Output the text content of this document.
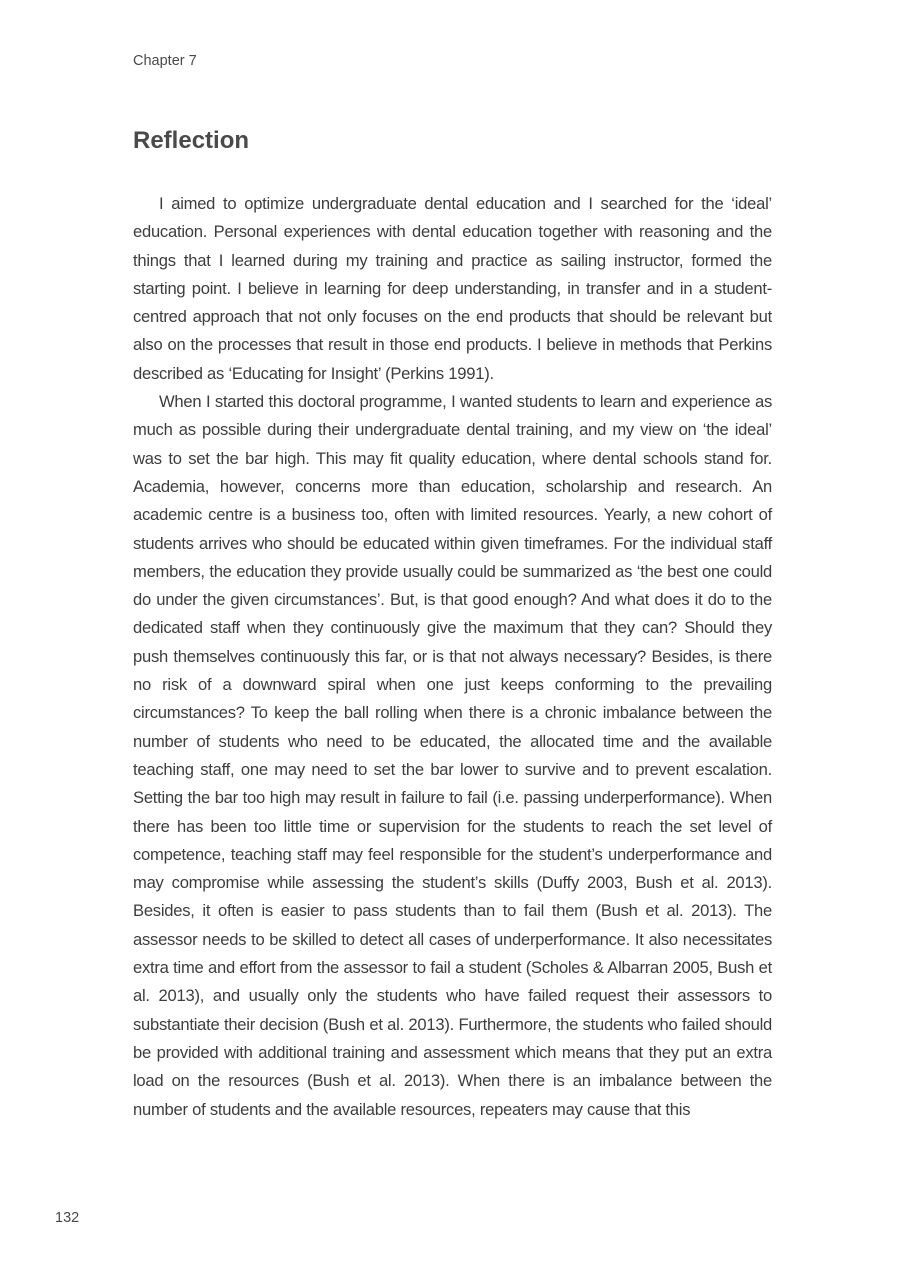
Chapter 7
Reflection

I aimed to optimize undergraduate dental education and I searched for the ‘ideal’ education. Personal experiences with dental education together with reasoning and the things that I learned during my training and practice as sailing instructor, formed the starting point. I believe in learning for deep understanding, in transfer and in a student-centred approach that not only focuses on the end products that should be relevant but also on the processes that result in those end products. I believe in methods that Perkins described as ‘Educating for Insight’ (Perkins 1991).

When I started this doctoral programme, I wanted students to learn and experience as much as possible during their undergraduate dental training, and my view on ‘the ideal’ was to set the bar high. This may fit quality education, where dental schools stand for. Academia, however, concerns more than education, scholarship and research. An academic centre is a business too, often with limited resources. Yearly, a new cohort of students arrives who should be educated within given timeframes. For the individual staff members, the education they provide usually could be summarized as ‘the best one could do under the given circumstances’. But, is that good enough? And what does it do to the dedicated staff when they continuously give the maximum that they can? Should they push themselves continuously this far, or is that not always necessary? Besides, is there no risk of a downward spiral when one just keeps conforming to the prevailing circumstances? To keep the ball rolling when there is a chronic imbalance between the number of students who need to be educated, the allocated time and the available teaching staff, one may need to set the bar lower to survive and to prevent escalation. Setting the bar too high may result in failure to fail (i.e. passing underperformance). When there has been too little time or supervision for the students to reach the set level of competence, teaching staff may feel responsible for the student’s underperformance and may compromise while assessing the student’s skills (Duffy 2003, Bush et al. 2013). Besides, it often is easier to pass students than to fail them (Bush et al. 2013). The assessor needs to be skilled to detect all cases of underperformance. It also necessitates extra time and effort from the assessor to fail a student (Scholes & Albarran 2005, Bush et al. 2013), and usually only the students who have failed request their assessors to substantiate their decision (Bush et al. 2013). Furthermore, the students who failed should be provided with additional training and assessment which means that they put an extra load on the resources (Bush et al. 2013). When there is an imbalance between the number of students and the available resources, repeaters may cause that this

132
